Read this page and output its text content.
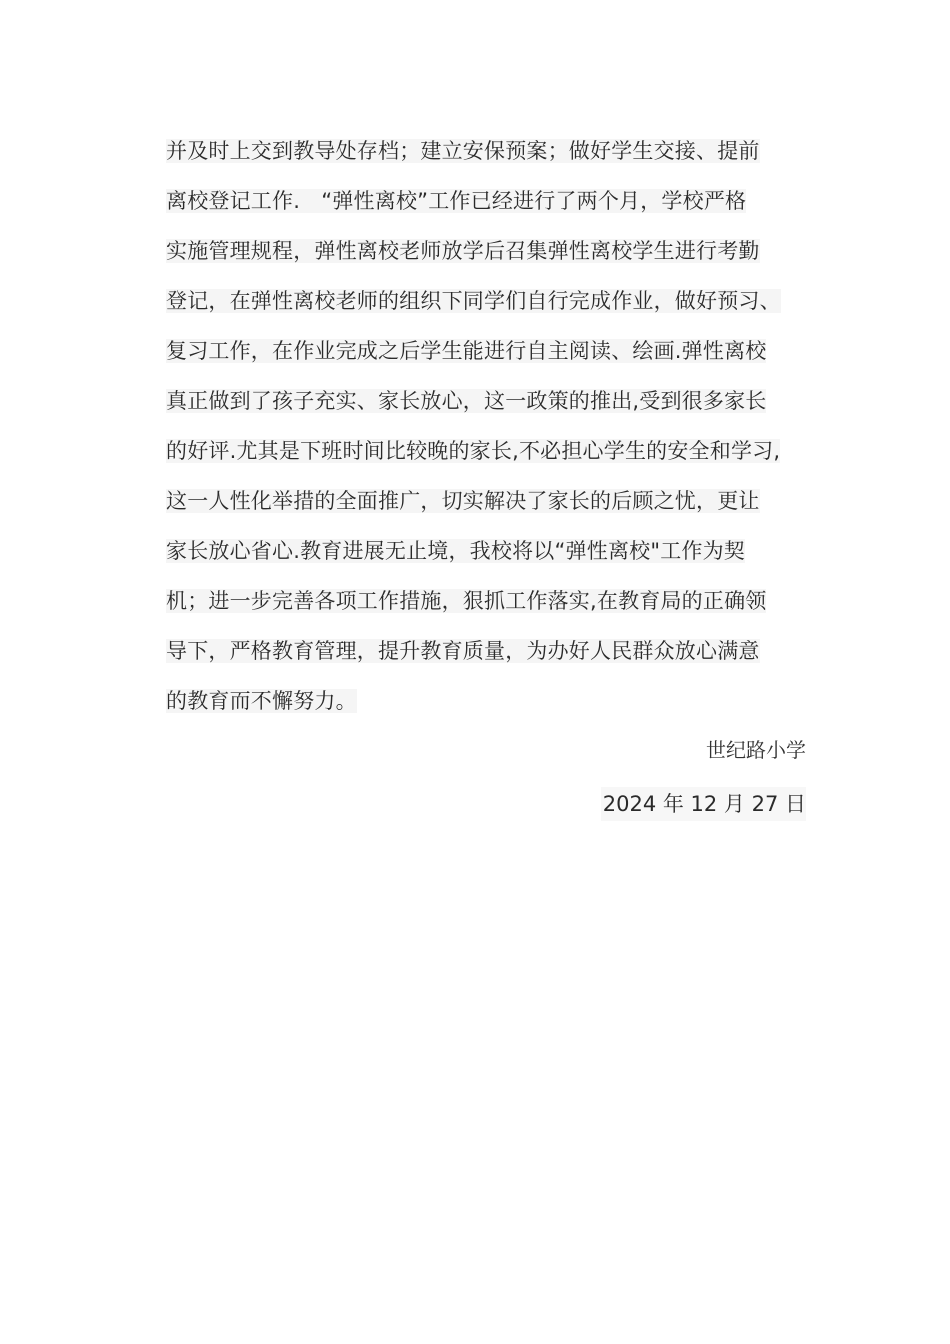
并及时上交到教导处存档；建立安保预案；做好学生交接、提前
离校登记工作.　“弹性离校”工作已经进行了两个月，学校严格
实施管理规程，弹性离校老师放学后召集弹性离校学生进行考勤
登记，在弹性离校老师的组织下同学们自行完成作业，做好预习、
复习工作，在作业完成之后学生能进行自主阅读、绘画.弹性离校
真正做到了孩子充实、家长放心，这一政策的推出,受到很多家长
的好评.尤其是下班时间比较晚的家长,不必担心学生的安全和学习,
这一人性化举措的全面推广，切实解决了家长的后顾之忧，更让
家长放心省心.教育进展无止境，我校将以“弹性离校"工作为契
机；进一步完善各项工作措施，狠抓工作落实,在教育局的正确领
导下，严格教育管理，提升教育质量，为办好人民群众放心满意
的教育而不懈努力。
世纪路小学
2024 年 12 月 27 日
